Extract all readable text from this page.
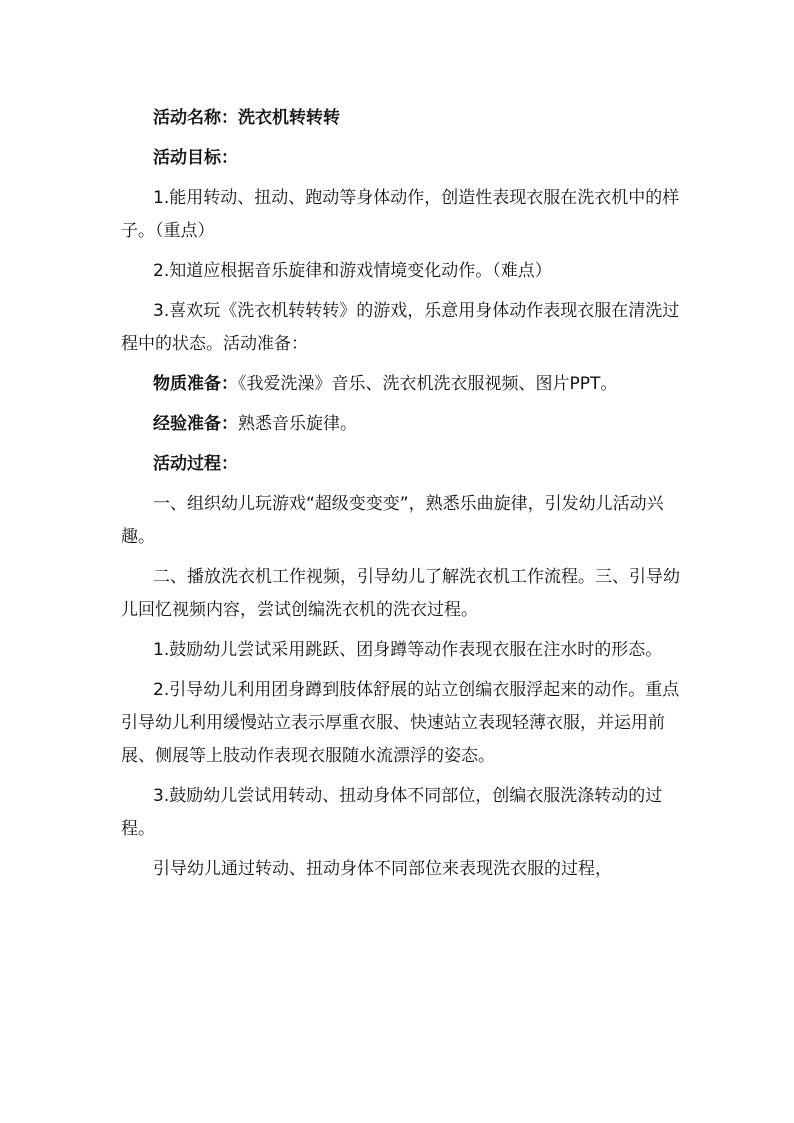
活动名称：洗衣机转转转
活动目标：
1.能用转动、扭动、跑动等身体动作，创造性表现衣服在洗衣机中的样子。（重点）
2.知道应根据音乐旋律和游戏情境变化动作。（难点）
3.喜欢玩《洗衣机转转转》的游戏，乐意用身体动作表现衣服在清洗过程中的状态。活动准备：
物质准备：《我爱洗澡》音乐、洗衣机洗衣服视频、图片PPT。
经验准备：熟悉音乐旋律。
活动过程：
一、组织幼儿玩游戏“超级变变变”，熟悉乐曲旋律，引发幼儿活动兴趣。
二、播放洗衣机工作视频，引导幼儿了解洗衣机工作流程。三、引导幼儿回忆视频内容，尝试创编洗衣机的洗衣过程。
1.鼓励幼儿尝试采用跳跃、团身蹲等动作表现衣服在注水时的形态。
2.引导幼儿利用团身蹲到肢体舒展的站立创编衣服浮起来的动作。重点引导幼儿利用缓慢站立表示厚重衣服、快速站立表现轻薄衣服，并运用前展、侧展等上肢动作表现衣服随水流漂浮的姿态。
3.鼓励幼儿尝试用转动、扭动身体不同部位，创编衣服洗涤转动的过程。
引导幼儿通过转动、扭动身体不同部位来表现洗衣服的过程，
